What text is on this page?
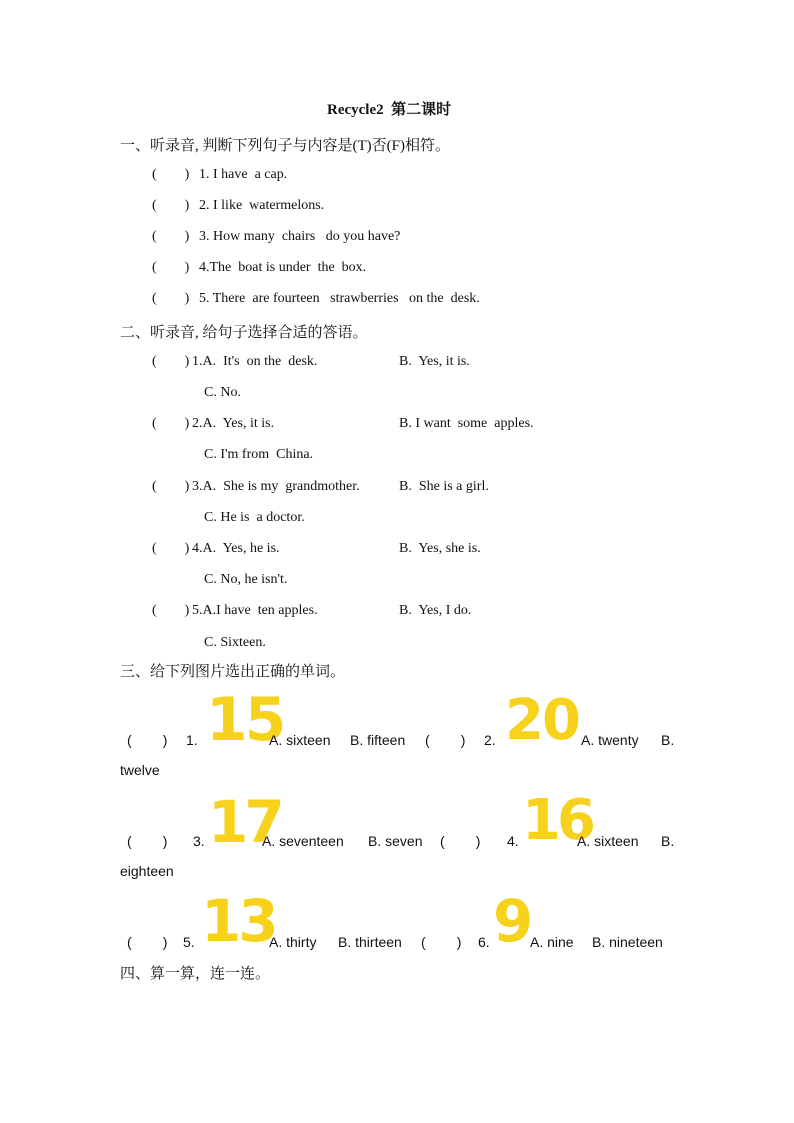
Recycle2  第二课时
一、听录音, 判断下列句子与内容是(T)否(F)相符。
(        ) 1. I have  a cap.
(        ) 2. I like  watermelons.
(        ) 3. How many  chairs   do you have?
(        ) 4.The  boat is under  the  box.
(        ) 5. There  are fourteen   strawberries   on the  desk.
二、听录音, 给句子选择合适的答语。
(        ) 1.A.  It's  on the  desk.	B.  Yes, it is.
C. No.
(        ) 2.A.  Yes, it is.	B. I want  some  apples.
C. I'm from  China.
(        ) 3.A.  She is my  grandmother.	B.  She is a girl.
C. He is  a doctor.
(        ) 4.A.  Yes, he is.	B.  Yes, she is.
C. No, he isn't.
(        ) 5.A.I have  ten apples.	B.  Yes, I do.
C. Sixteen.
三、给下列图片选出正确的单词。
(        ) 1. 15
A. sixteen B. fifteen (        ) 2. 20 A. twenty B.
twelve
(        ) 3. 17
A. seventeen B. seven (        ) 4. 16
A. sixteen B.
eighteen
(        ) 5. 13
A. thirty B. thirteen (        ) 6. 9
A. nine B. nineteen
四、算一算，连一连。
